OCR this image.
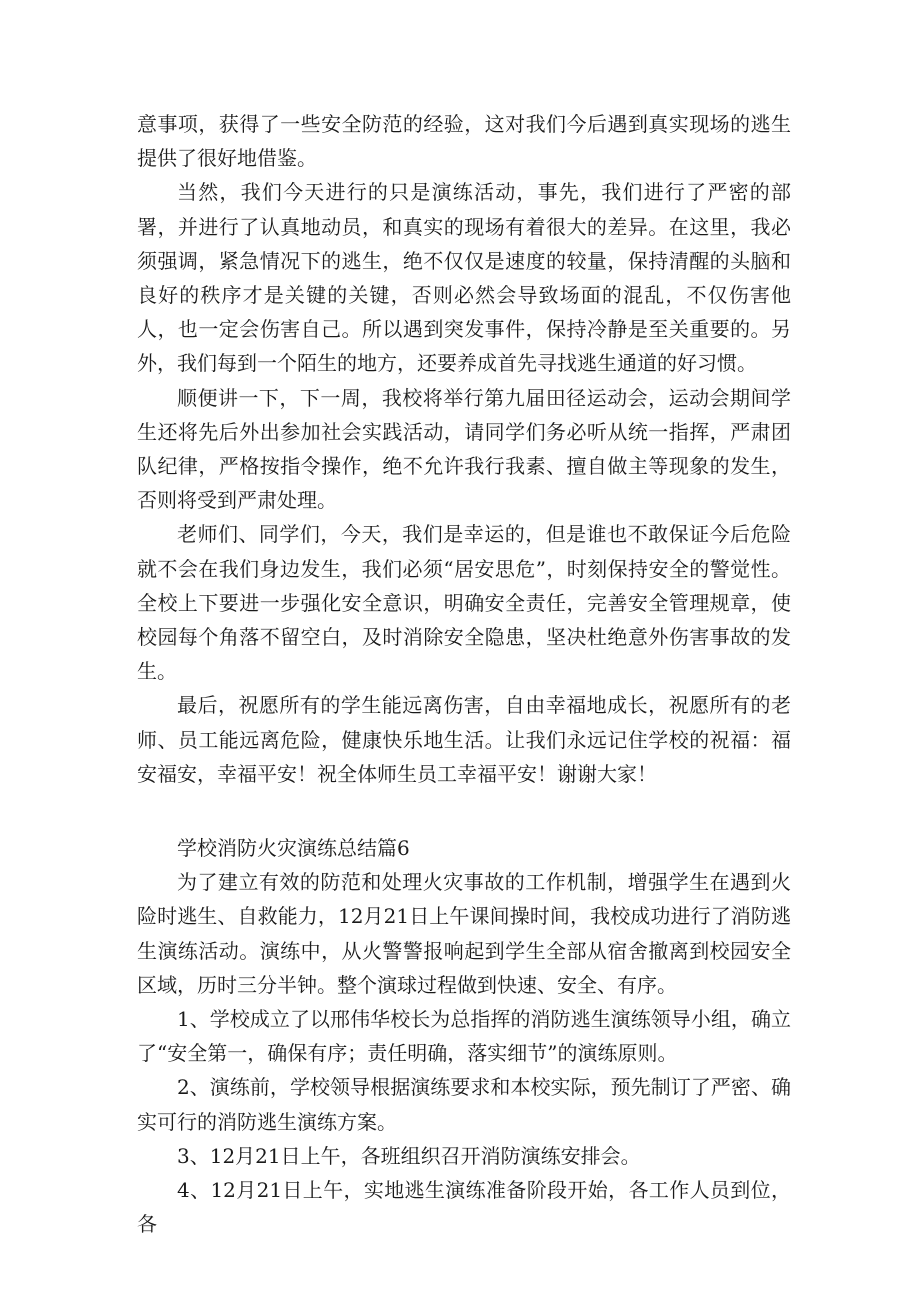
意事项，获得了一些安全防范的经验，这对我们今后遇到真实现场的逃生提供了很好地借鉴。

当然，我们今天进行的只是演练活动，事先，我们进行了严密的部署，并进行了认真地动员，和真实的现场有着很大的差异。在这里，我必须强调，紧急情况下的逃生，绝不仅仅是速度的较量，保持清醒的头脑和良好的秩序才是关键的关键，否则必然会导致场面的混乱，不仅伤害他人，也一定会伤害自己。所以遇到突发事件，保持冷静是至关重要的。另外，我们每到一个陌生的地方，还要养成首先寻找逃生通道的好习惯。

顺便讲一下，下一周，我校将举行第九届田径运动会，运动会期间学生还将先后外出参加社会实践活动，请同学们务必听从统一指挥，严肃团队纪律，严格按指令操作，绝不允许我行我素、擅自做主等现象的发生，否则将受到严肃处理。

老师们、同学们，今天，我们是幸运的，但是谁也不敢保证今后危险就不会在我们身边发生，我们必须“居安思危”，时刻保持安全的警觉性。全校上下要进一步强化安全意识，明确安全责任，完善安全管理规章，使校园每个角落不留空白，及时消除安全隐患，坚决杜绝意外伤害事故的发生。

最后，祝愿所有的学生能远离伤害，自由幸福地成长，祝愿所有的老师、员工能远离危险，健康快乐地生活。让我们永远记住学校的祝福：福安福安，幸福平安！祝全体师生员工幸福平安！谢谢大家！

学校消防火灾演练总结篇6

为了建立有效的防范和处理火灾事故的工作机制，增强学生在遇到火险时逃生、自救能力，12月21日上午课间操时间，我校成功进行了消防逃生演练活动。演练中，从火警警报响起到学生全部从宿舍撤离到校园安全区域，历时三分半钟。整个演球过程做到快速、安全、有序。

1、学校成立了以邢伟华校长为总指挥的消防逃生演练领导小组，确立了“安全第一，确保有序；责任明确，落实细节”的演练原则。

2、演练前，学校领导根据演练要求和本校实际，预先制订了严密、确实可行的消防逃生演练方案。

3、12月21日上午，各班组织召开消防演练安排会。

4、12月21日上午，实地逃生演练准备阶段开始，各工作人员到位，各
